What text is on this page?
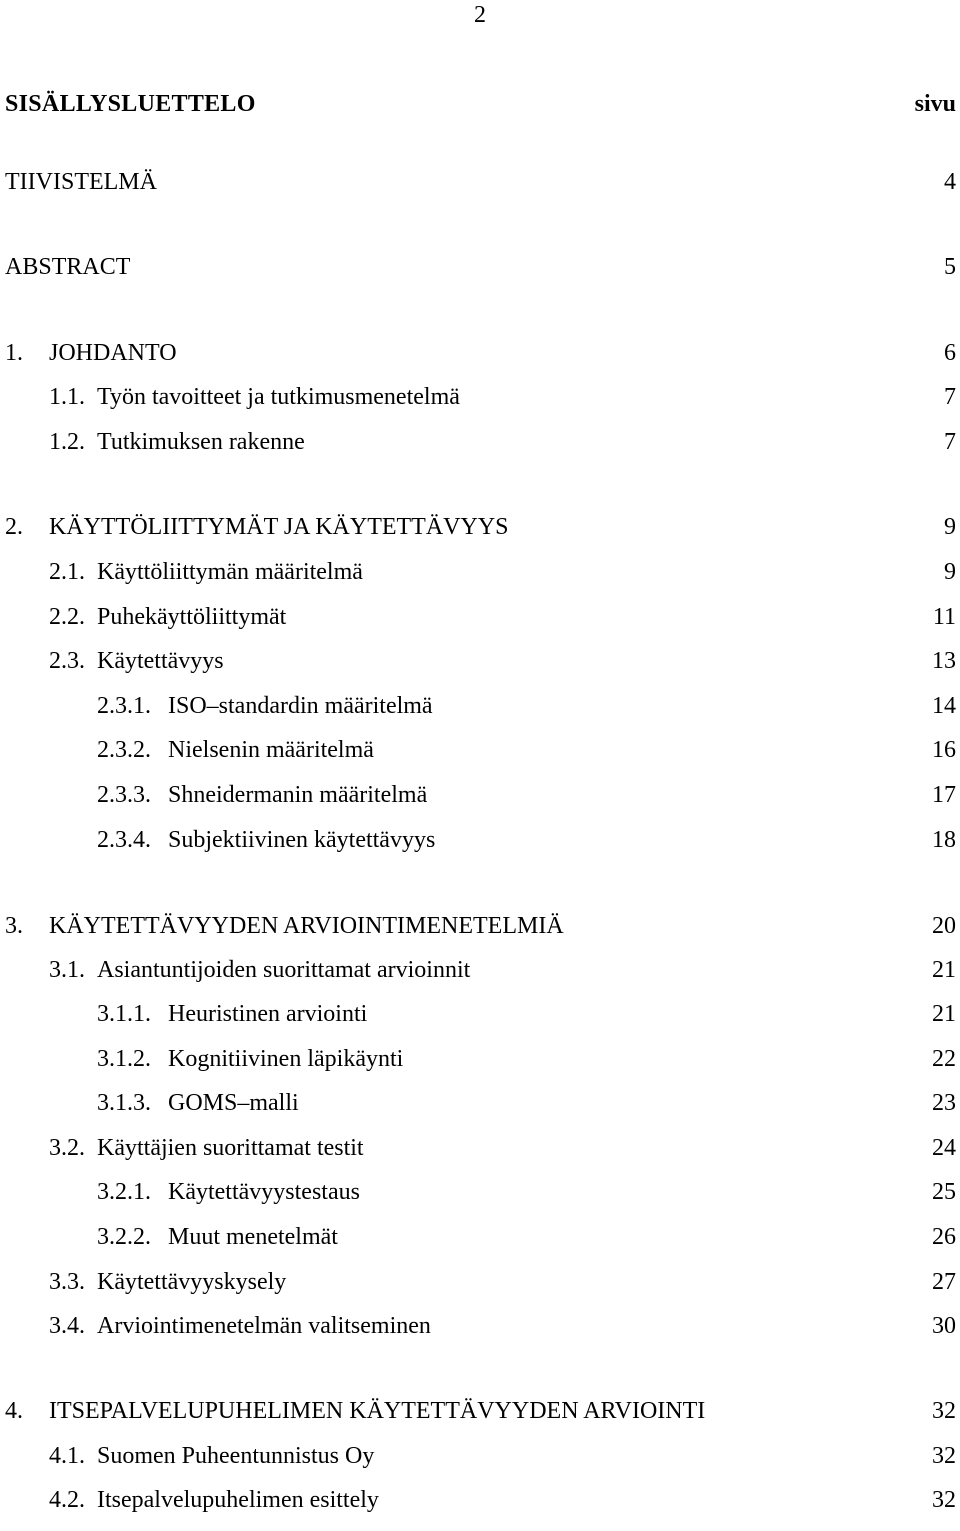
2
SISÄLLYSLUETTELO	sivu
TIIVISTELMÄ	4
ABSTRACT	5
1. JOHDANTO	6
1.1. Työn tavoitteet ja tutkimusmenetelmä	7
1.2. Tutkimuksen rakenne	7
2. KÄYTTÖLIITTYMÄT JA KÄYTETTÄVYYS	9
2.1. Käyttöliittymän määritelmä	9
2.2. Puhekäyttöliittymät	11
2.3. Käytettävyys	13
2.3.1. ISO–standardin määritelmä	14
2.3.2. Nielsenin määritelmä	16
2.3.3. Shneidermanin määritelmä	17
2.3.4. Subjektiivinen käytettävyys	18
3. KÄYTETTÄVYYDEN ARVIOINTIMENETELMIÄ	20
3.1. Asiantuntijoiden suorittamat arvioinnit	21
3.1.1. Heuristinen arviointi	21
3.1.2. Kognitiivinen läpikäynti	22
3.1.3. GOMS–malli	23
3.2. Käyttäjien suorittamat testit	24
3.2.1. Käytettävyystestaus	25
3.2.2. Muut menetelmät	26
3.3. Käytettävyyskysely	27
3.4. Arviointimenetelmän valitseminen	30
4. ITSEPALVELUPUHELIMEN KÄYTETTÄVYYDEN ARVIOINTI	32
4.1. Suomen Puheentunnistus Oy	32
4.2. Itsepalvelupuhelimen esittely	32
